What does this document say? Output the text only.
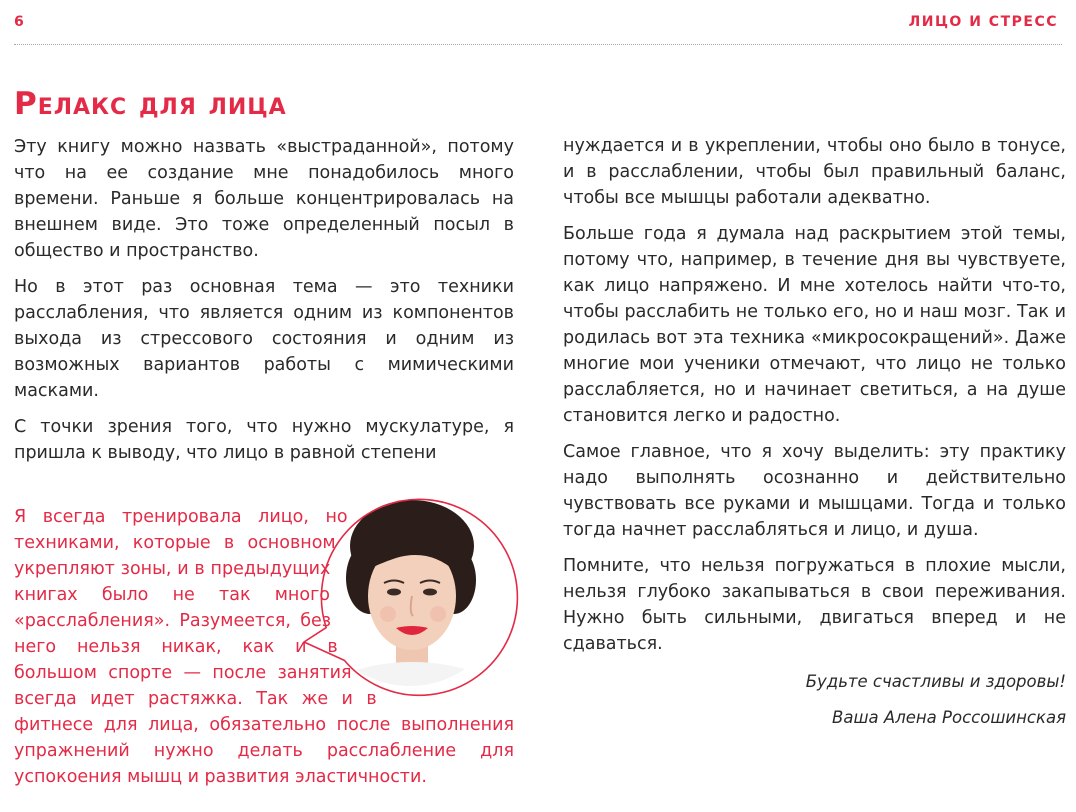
6	ЛИЦО И СТРЕСС
Релакс для лица

Эту книгу можно назвать «выстраданной», потому что на ее создание мне понадобилось много времени. Раньше я больше концентрировалась на внешнем виде. Это тоже определенный посыл в общество и пространство.

Но в этот раз основная тема — это техники расслабления, что является одним из компонентов выхода из стрессового состояния и одним из возможных вариантов работы с мимическими масками.

С точки зрения того, что нужно мускулатуре, я пришла к выводу, что лицо в равной степени

нуждается и в укреплении, чтобы оно было в тонусе, и в расслаблении, чтобы был правильный баланс, чтобы все мышцы работали адекватно.

Больше года я думала над раскрытием этой темы, потому что, например, в течение дня вы чувствуете, как лицо напряжено. И мне хотелось найти что-то, чтобы расслабить не только его, но и наш мозг. Так и родилась вот эта техника «микросокращений». Даже многие мои ученики отмечают, что лицо не только расслабляется, но и начинает светиться, а на душе становится легко и радостно.

Самое главное, что я хочу выделить: эту практику надо выполнять осознанно и действительно чувствовать все руками и мышцами. Тогда и только тогда начнет расслабляться и лицо, и душа.

Помните, что нельзя погружаться в плохие мысли, нельзя глубоко закапываться в свои переживания. Нужно быть сильными, двигаться вперед и не сдаваться.

Будьте счастливы и здоровы!

Ваша Алена Россошинская

Я всегда тренировала лицо, но техниками, которые в основном укрепляют зоны, и в предыдущих книгах было не так много «расслабления». Разумеется, без него нельзя никак, как и в большом спорте — после занятия всегда идет растяжка. Так же и в фитнесе для лица, обязательно после выполнения упражнений нужно делать расслабление для успокоения мышц и развития эластичности.
